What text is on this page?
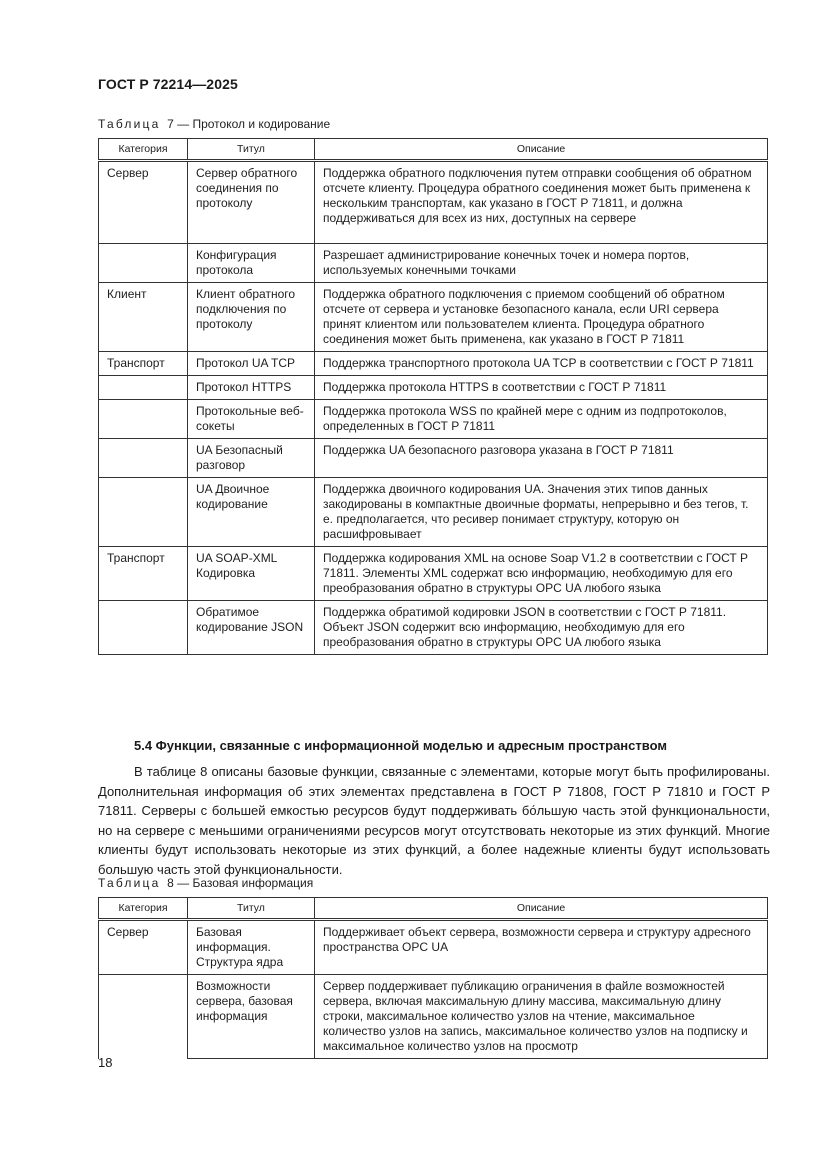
ГОСТ Р 72214—2025
Таблица 7 — Протокол и кодирование
Категория	Титул	Описание
Сервер	Сервер обратного соединения по протоколу	Поддержка обратного подключения путем отправки сообщения об обратном отсчете клиенту. Процедура обратного соединения может быть применена к нескольким транспортам, как указано в ГОСТ Р 71811, и должна поддерживаться для всех из них, доступных на сервере
	Конфигурация протокола	Разрешает администрирование конечных точек и номера портов, используемых конечными точками
Клиент	Клиент обратного подключения по протоколу	Поддержка обратного подключения с приемом сообщений об обратном отсчете от сервера и установке безопасного канала, если URI сервера принят клиентом или пользователем клиента. Процедура обратного соединения может быть применена, как указано в ГОСТ Р 71811
Транспорт	Протокол UA TCP	Поддержка транспортного протокола UA TCP в соответствии с ГОСТ Р 71811
	Протокол HTTPS	Поддержка протокола HTTPS в соответствии с ГОСТ Р 71811
	Протокольные веб-сокеты	Поддержка протокола WSS по крайней мере с одним из подпротоколов, определенных в ГОСТ Р 71811
	UA Безопасный разговор	Поддержка UA безопасного разговора указана в ГОСТ Р 71811
	UA Двоичное кодирование	Поддержка двоичного кодирования UA. Значения этих типов данных закодированы в компактные двоичные форматы, непрерывно и без тегов, т. е. предполагается, что ресивер понимает структуру, которую он расшифровывает
Транспорт	UA SOAP-XML Кодировка	Поддержка кодирования XML на основе Soap V1.2 в соответствии с ГОСТ Р 71811. Элементы XML содержат всю информацию, необходимую для его преобразования обратно в структуры OPC UA любого языка
	Обратимое кодирование JSON	Поддержка обратимой кодировки JSON в соответствии с ГОСТ Р 71811. Объект JSON содержит всю информацию, необходимую для его преобразования обратно в структуры OPC UA любого языка
5.4 Функции, связанные с информационной моделью и адресным пространством
В таблице 8 описаны базовые функции, связанные с элементами, которые могут быть профилированы. Дополнительная информация об этих элементах представлена в ГОСТ Р 71808, ГОСТ Р 71810 и ГОСТ Р 71811. Серверы с большей емкостью ресурсов будут поддерживать бо́льшую часть этой функциональности, но на сервере с меньшими ограничениями ресурсов могут отсутствовать некоторые из этих функций. Многие клиенты будут использовать некоторые из этих функций, а более надежные клиенты будут использовать большую часть этой функциональности.
Таблица 8 — Базовая информация
Категория	Титул	Описание
Сервер	Базовая информация. Структура ядра	Поддерживает объект сервера, возможности сервера и структуру адресного пространства OPC UA
	Возможности сервера, базовая информация	Сервер поддерживает публикацию ограничения в файле возможностей сервера, включая максимальную длину массива, максимальную длину строки, максимальное количество узлов на чтение, максимальное количество узлов на запись, максимальное количество узлов на подписку и максимальное количество узлов на просмотр
18
